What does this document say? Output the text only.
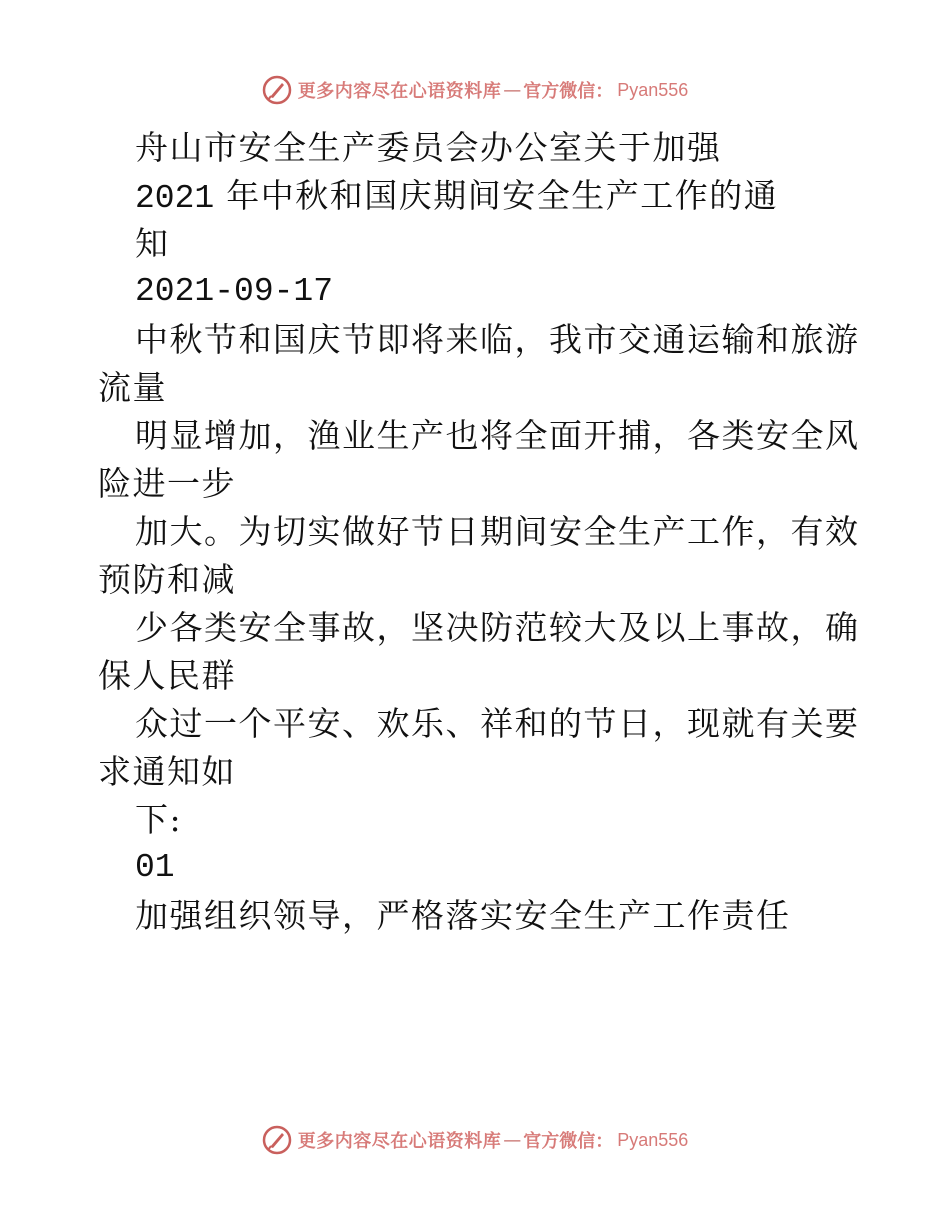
更多内容尽在心语资料库 — 官方微信： Pyan556
舟山市安全生产委员会办公室关于加强
2021 年中秋和国庆期间安全生产工作的通
知
2021-09-17
中秋节和国庆节即将来临，我市交通运输和旅游
流量
明显增加，渔业生产也将全面开捕，各类安全风
险进一步
加大。为切实做好节日期间安全生产工作，有效
预防和减
少各类安全事故，坚决防范较大及以上事故，确
保人民群
众过一个平安、欢乐、祥和的节日，现就有关要
求通知如
下:
01
加强组织领导，严格落实安全生产工作责任
更多内容尽在心语资料库 — 官方微信： Pyan556
